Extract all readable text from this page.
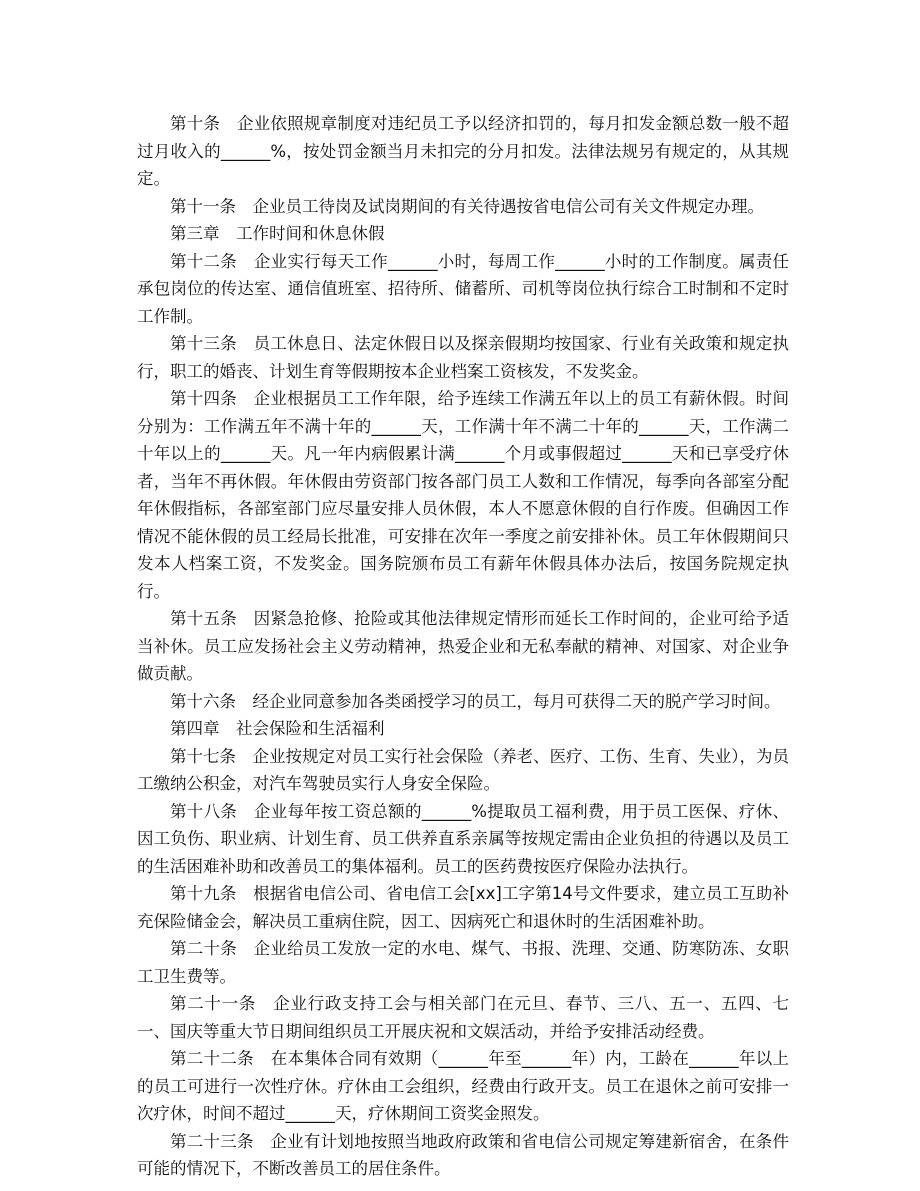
第十条　企业依照规章制度对违纪员工予以经济扣罚的，每月扣发金额总数一般不超过月收入的______%，按处罚金额当月未扣完的分月扣发。法律法规另有规定的，从其规定。

第十一条　企业员工待岗及试岗期间的有关待遇按省电信公司有关文件规定办理。

第三章　工作时间和休息休假

第十二条　企业实行每天工作______小时，每周工作______小时的工作制度。属责任承包岗位的传达室、通信值班室、招待所、储蓄所、司机等岗位执行综合工时制和不定时工作制。

第十三条　员工休息日、法定休假日以及探亲假期均按国家、行业有关政策和规定执行，职工的婚丧、计划生育等假期按本企业档案工资核发，不发奖金。

第十四条　企业根据员工工作年限，给予连续工作满五年以上的员工有薪休假。时间分别为：工作满五年不满十年的______天，工作满十年不满二十年的______天，工作满二十年以上的______天。凡一年内病假累计满______个月或事假超过______天和已享受疗休者，当年不再休假。年休假由劳资部门按各部门员工人数和工作情况，每季向各部室分配年休假指标，各部室部门应尽量安排人员休假，本人不愿意休假的自行作废。但确因工作情况不能休假的员工经局长批准，可安排在次年一季度之前安排补休。员工年休假期间只发本人档案工资，不发奖金。国务院颁布员工有薪年休假具体办法后，按国务院规定执行。

第十五条　因紧急抢修、抢险或其他法律规定情形而延长工作时间的，企业可给予适当补休。员工应发扬社会主义劳动精神，热爱企业和无私奉献的精神、对国家、对企业争做贡献。

第十六条　经企业同意参加各类函授学习的员工，每月可获得二天的脱产学习时间。

第四章　社会保险和生活福利

第十七条　企业按规定对员工实行社会保险（养老、医疗、工伤、生育、失业），为员工缴纳公积金，对汽车驾驶员实行人身安全保险。

第十八条　企业每年按工资总额的______%提取员工福利费，用于员工医保、疗休、因工负伤、职业病、计划生育、员工供养直系亲属等按规定需由企业负担的待遇以及员工的生活困难补助和改善员工的集体福利。员工的医药费按医疗保险办法执行。

第十九条　根据省电信公司、省电信工会[xx]工字第14号文件要求，建立员工互助补充保险储金会，解决员工重病住院，因工、因病死亡和退休时的生活困难补助。

第二十条　企业给员工发放一定的水电、煤气、书报、洗理、交通、防寒防冻、女职工卫生费等。

第二十一条　企业行政支持工会与相关部门在元旦、春节、三八、五一、五四、七一、国庆等重大节日期间组织员工开展庆祝和文娱活动，并给予安排活动经费。

第二十二条　在本集体合同有效期（______年至______年）内，工龄在______年以上的员工可进行一次性疗休。疗休由工会组织，经费由行政开支。员工在退休之前可安排一次疗休，时间不超过______天，疗休期间工资奖金照发。

第二十三条　企业有计划地按照当地政府政策和省电信公司规定筹建新宿舍，在条件可能的情况下，不断改善员工的居住条件。
